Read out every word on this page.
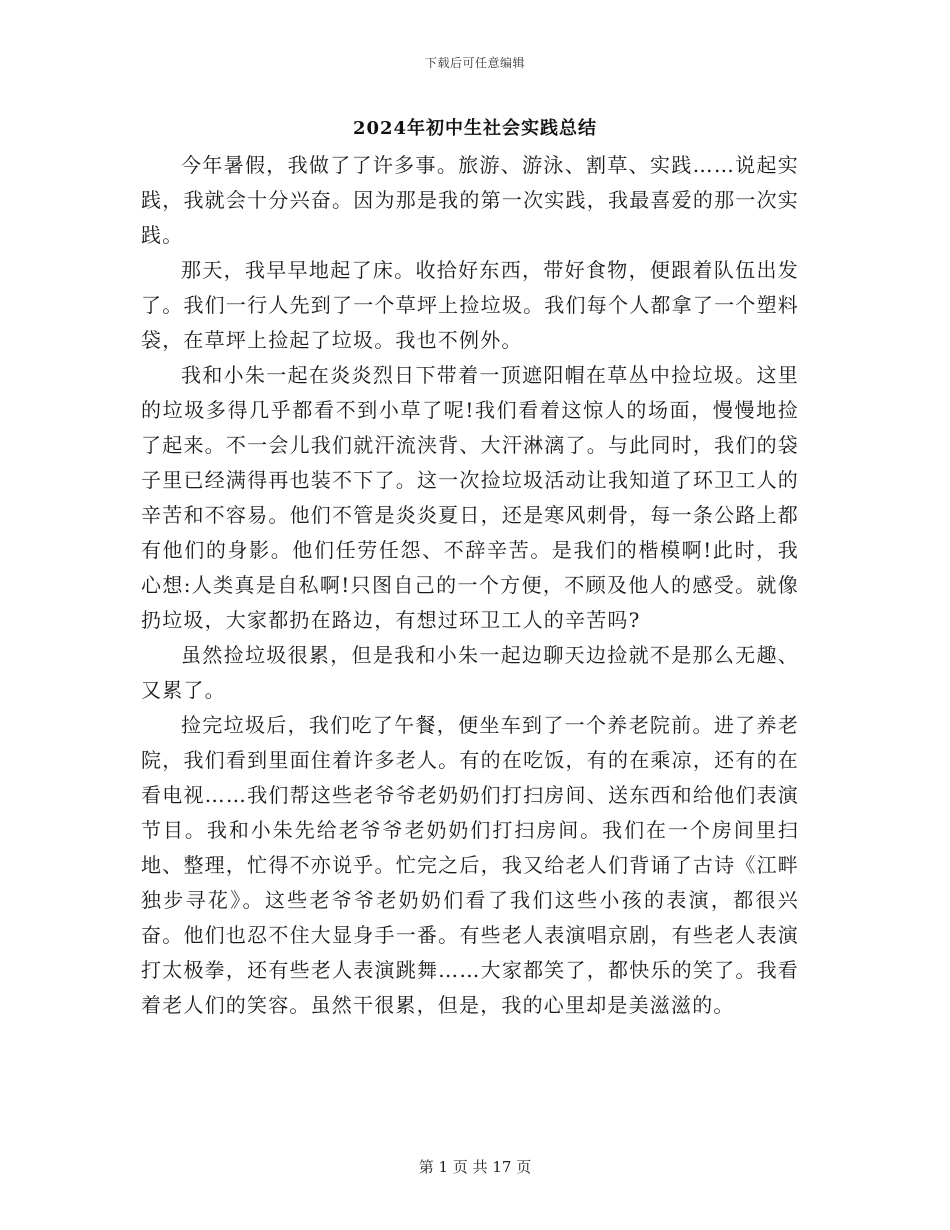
下载后可任意编辑
2024年初中生社会实践总结

今年暑假，我做了了许多事。旅游、游泳、割草、实践……说起实践，我就会十分兴奋。因为那是我的第一次实践，我最喜爱的那一次实践。

那天，我早早地起了床。收拾好东西，带好食物，便跟着队伍出发了。我们一行人先到了一个草坪上捡垃圾。我们每个人都拿了一个塑料袋，在草坪上捡起了垃圾。我也不例外。

我和小朱一起在炎炎烈日下带着一顶遮阳帽在草丛中捡垃圾。这里的垃圾多得几乎都看不到小草了呢!我们看着这惊人的场面，慢慢地捡了起来。不一会儿我们就汗流浃背、大汗淋漓了。与此同时，我们的袋子里已经满得再也装不下了。这一次捡垃圾活动让我知道了环卫工人的辛苦和不容易。他们不管是炎炎夏日，还是寒风刺骨，每一条公路上都有他们的身影。他们任劳任怨、不辞辛苦。是我们的楷模啊!此时，我心想:人类真是自私啊!只图自己的一个方便，不顾及他人的感受。就像扔垃圾，大家都扔在路边，有想过环卫工人的辛苦吗?

虽然捡垃圾很累，但是我和小朱一起边聊天边捡就不是那么无趣、又累了。

捡完垃圾后，我们吃了午餐，便坐车到了一个养老院前。进了养老院，我们看到里面住着许多老人。有的在吃饭，有的在乘凉，还有的在看电视……我们帮这些老爷爷老奶奶们打扫房间、送东西和给他们表演节目。我和小朱先给老爷爷老奶奶们打扫房间。我们在一个房间里扫地、整理，忙得不亦说乎。忙完之后，我又给老人们背诵了古诗《江畔独步寻花》。这些老爷爷老奶奶们看了我们这些小孩的表演，都很兴奋。他们也忍不住大显身手一番。有些老人表演唱京剧，有些老人表演打太极拳，还有些老人表演跳舞……大家都笑了，都快乐的笑了。我看着老人们的笑容。虽然干很累，但是，我的心里却是美滋滋的。

第 1 页 共 17 页
